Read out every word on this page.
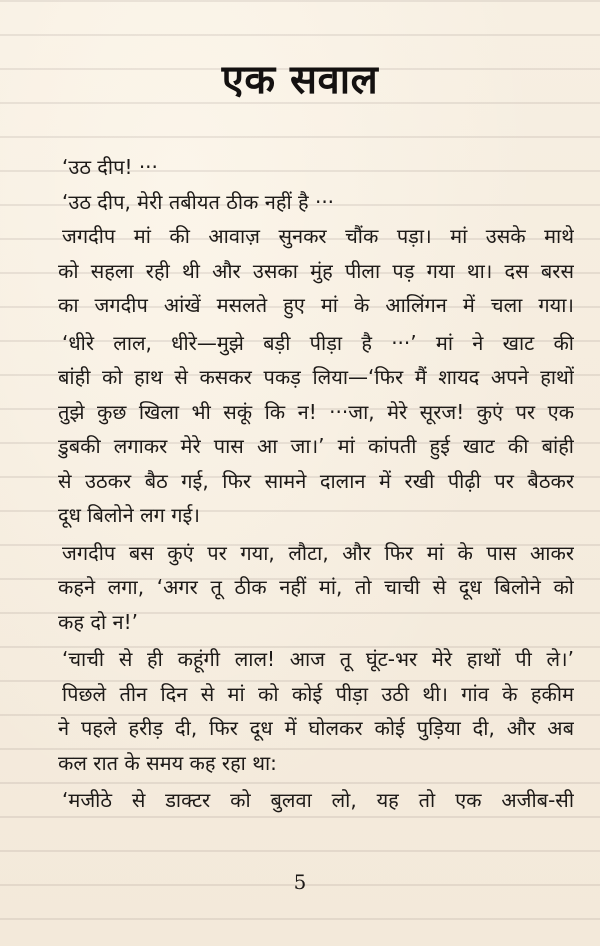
एक सवाल
‘उठ दीप! ···
‘उठ दीप, मेरी तबीयत ठीक नहीं है ···
जगदीप मां की आवाज़ सुनकर चौंक पड़ा। मां उसके माथे
को सहला रही थी और उसका मुंह पीला पड़ गया था। दस बरस
का जगदीप आंखें मसलते हुए मां के आलिंगन में चला गया।
‘धीरे लाल, धीरे—मुझे बड़ी पीड़ा है ···’ मां ने खाट की
बांही को हाथ से कसकर पकड़ लिया—‘फिर मैं शायद अपने हाथों
तुझे कुछ खिला भी सकूं कि न! ···जा, मेरे सूरज! कुएं पर एक
डुबकी लगाकर मेरे पास आ जा।’ मां कांपती हुई खाट की बांही
से उठकर बैठ गई, फिर सामने दालान में रखी पीढ़ी पर बैठकर
दूध बिलोने लग गई।
जगदीप बस कुएं पर गया, लौटा, और फिर मां के पास आकर
कहने लगा, ‘अगर तू ठीक नहीं मां, तो चाची से दूध बिलोने को
कह दो न!’
‘चाची से ही कहूंगी लाल! आज तू घूंट-भर मेरे हाथों पी ले।’
पिछले तीन दिन से मां को कोई पीड़ा उठी थी। गांव के हकीम
ने पहले हरीड़ दी, फिर दूध में घोलकर कोई पुड़िया दी, और अब
कल रात के समय कह रहा था:
‘मजीठे से डाक्टर को बुलवा लो, यह तो एक अजीब-सी
5
